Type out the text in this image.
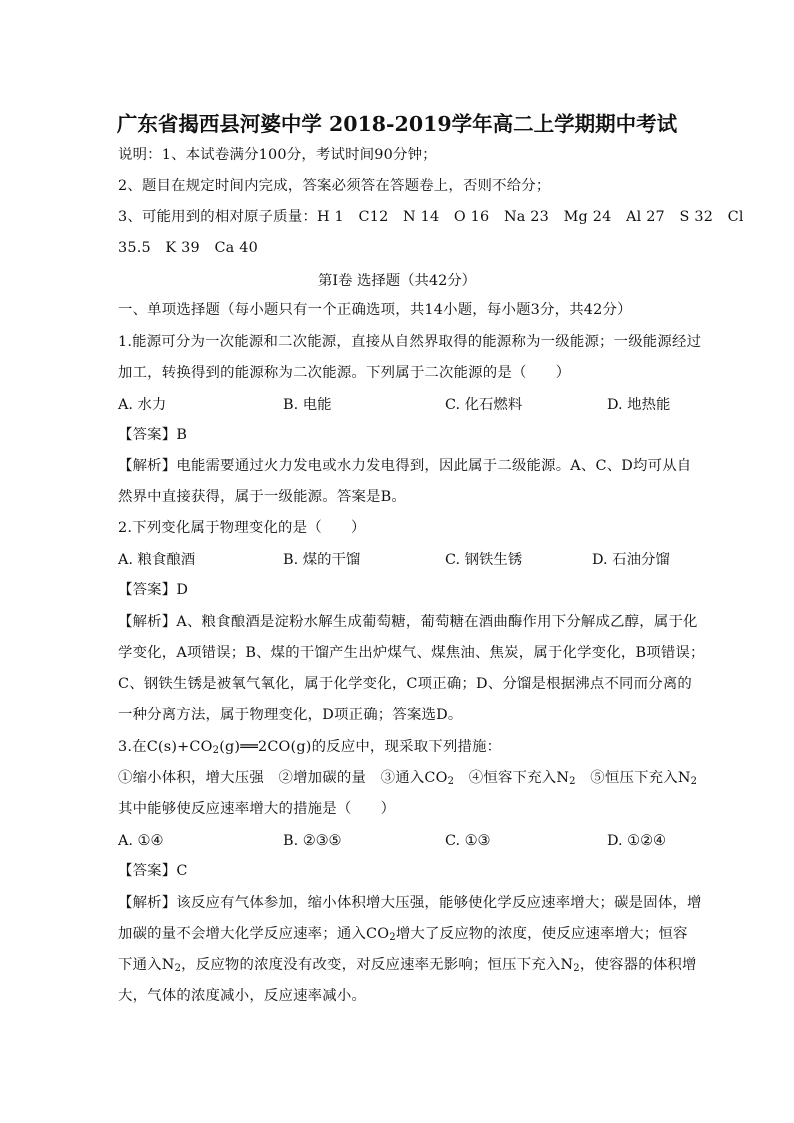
广东省揭西县河婆中学 2018-2019学年高二上学期期中考试
说明：1、本试卷满分100分，考试时间90分钟；
2、题目在规定时间内完成，答案必须答在答题卷上，否则不给分；
3、可能用到的相对原子质量：H 1　C12　N 14　O 16　Na 23　Mg 24　Al 27　S 32　Cl
35.5　K 39　Ca 40
第Ⅰ卷 选择题（共42分）
一、单项选择题（每小题只有一个正确选项，共14小题，每小题3分，共42分）
1.能源可分为一次能源和二次能源，直接从自然界取得的能源称为一级能源；一级能源经过
加工，转换得到的能源称为二次能源。下列属于二次能源的是（　　）
A. 水力	B. 电能	C. 化石燃料	D. 地热能
【答案】B
【解析】电能需要通过火力发电或水力发电得到，因此属于二级能源。A、C、D均可从自
然界中直接获得，属于一级能源。答案是B。
2.下列变化属于物理变化的是（　　）
A. 粮食酿酒	B. 煤的干馏	C. 钢铁生锈	D. 石油分馏
【答案】D
【解析】A、粮食酿酒是淀粉水解生成葡萄糖，葡萄糖在酒曲酶作用下分解成乙醇，属于化
学变化，A项错误；B、煤的干馏产生出炉煤气、煤焦油、焦炭，属于化学变化，B项错误；
C、钢铁生锈是被氧气氧化，属于化学变化，C项正确；D、分馏是根据沸点不同而分离的
一种分离方法，属于物理变化，D项正确；答案选D。
3.在$C(s)+CO_2(g)══2CO(g)$的反应中，现采取下列措施：
①缩小体积，增大压强　②增加碳的量　③通入$CO_2$　④恒容下充入$N_2$　⑤恒压下充入$N_2$
其中能够使反应速率增大的措施是（　　）
A. ①④	B. ②③⑤	C. ①③	D. ①②④
【答案】C
【解析】该反应有气体参加，缩小体积增大压强，能够使化学反应速率增大；碳是固体，增
加碳的量不会增大化学反应速率；通入$CO_2$增大了反应物的浓度，使反应速率增大；恒容
下通入$N_2$，反应物的浓度没有改变，对反应速率无影响；恒压下充入$N_2$，使容器的体积增
大，气体的浓度减小，反应速率减小。
